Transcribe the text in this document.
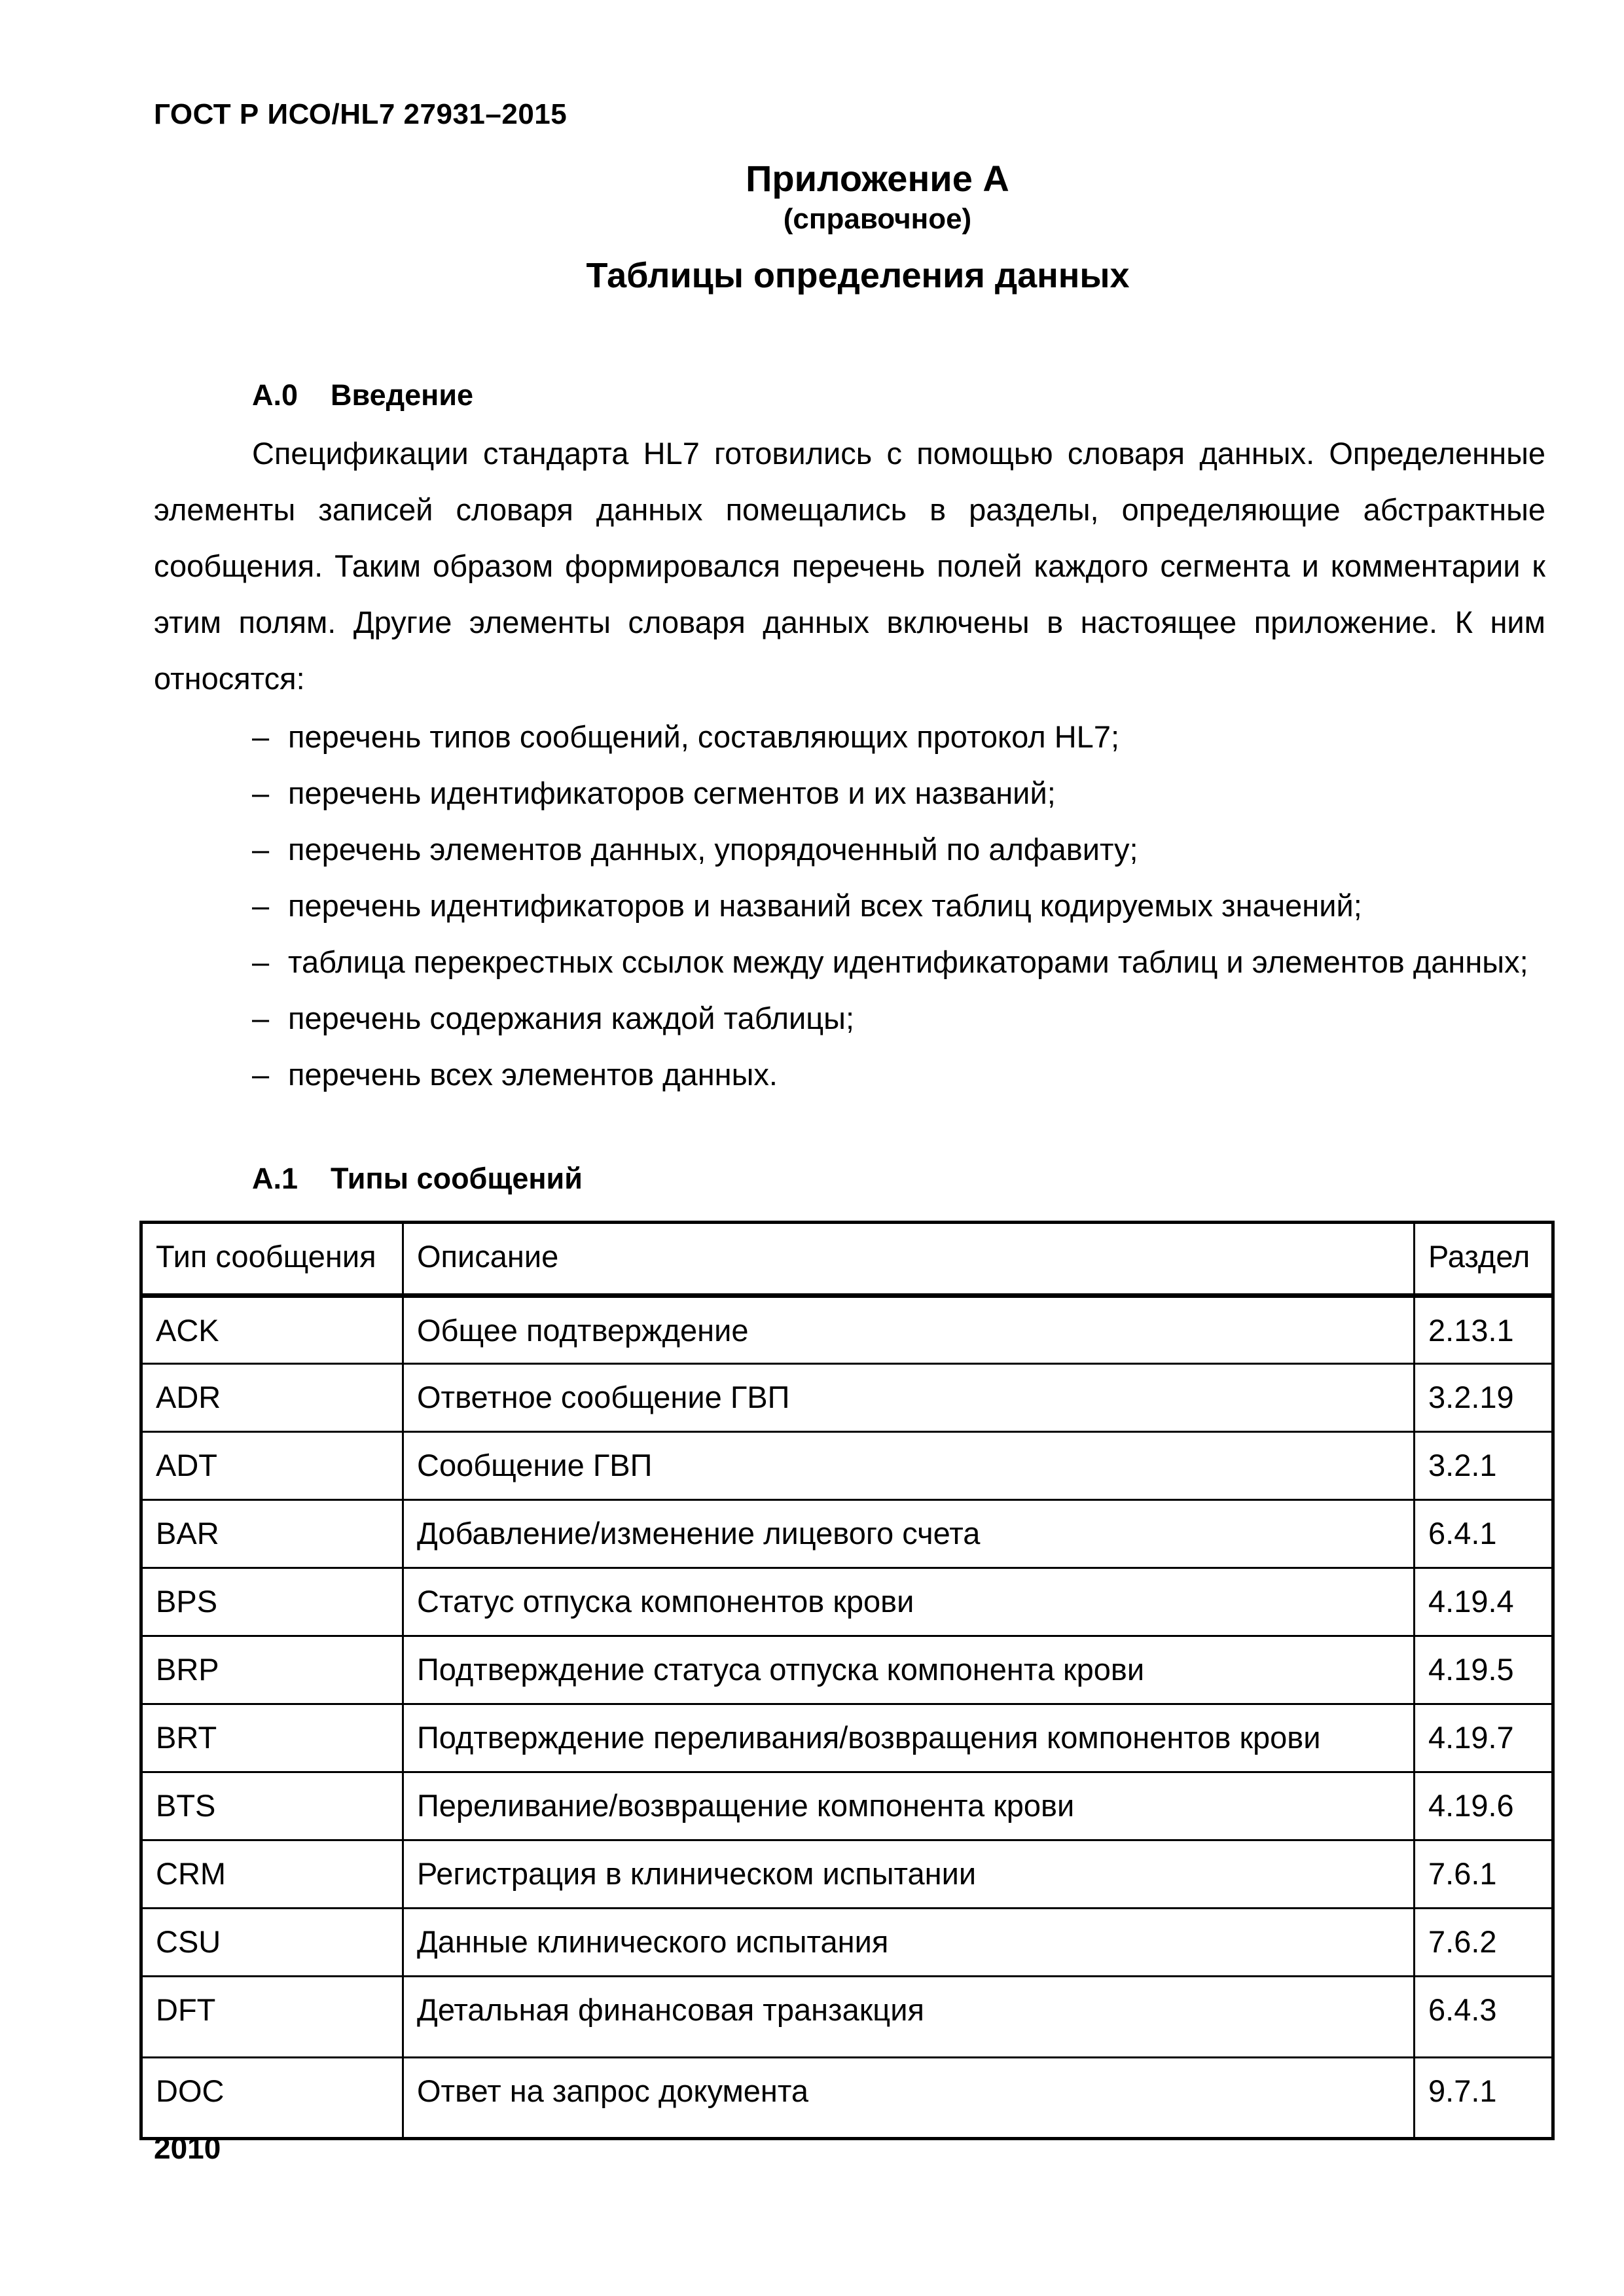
ГОСТ Р ИСО/HL7 27931–2015
Приложение А
(справочное)
Таблицы определения данных
А.0 Введение

Спецификации стандарта HL7 готовились с помощью словаря данных. Определенные элементы записей словаря данных помещались в разделы, определяющие абстрактные сообщения. Таким образом формировался перечень полей каждого сегмента и комментарии к этим полям. Другие элементы словаря данных включены в настоящее приложение. К ним относятся:

– перечень типов сообщений, составляющих протокол HL7;
– перечень идентификаторов сегментов и их названий;
– перечень элементов данных, упорядоченный по алфавиту;
– перечень идентификаторов и названий всех таблиц кодируемых значений;
– таблица перекрестных ссылок между идентификаторами таблиц и элементов данных;
– перечень содержания каждой таблицы;
– перечень всех элементов данных.
А.1 Типы сообщений
Тип сообщения	Описание	Раздел
ACK	Общее подтверждение	2.13.1
ADR	Ответное сообщение ГВП	3.2.19
ADT	Сообщение ГВП	3.2.1
BAR	Добавление/изменение лицевого счета	6.4.1
BPS	Статус отпуска компонентов крови	4.19.4
BRP	Подтверждение статуса отпуска компонента крови	4.19.5
BRT	Подтверждение переливания/возвращения компонентов крови	4.19.7
BTS	Переливание/возвращение компонента крови	4.19.6
CRM	Регистрация в клиническом испытании	7.6.1
CSU	Данные клинического испытания	7.6.2
DFT	Детальная финансовая транзакция	6.4.3
DOC	Ответ на запрос документа	9.7.1
2010
